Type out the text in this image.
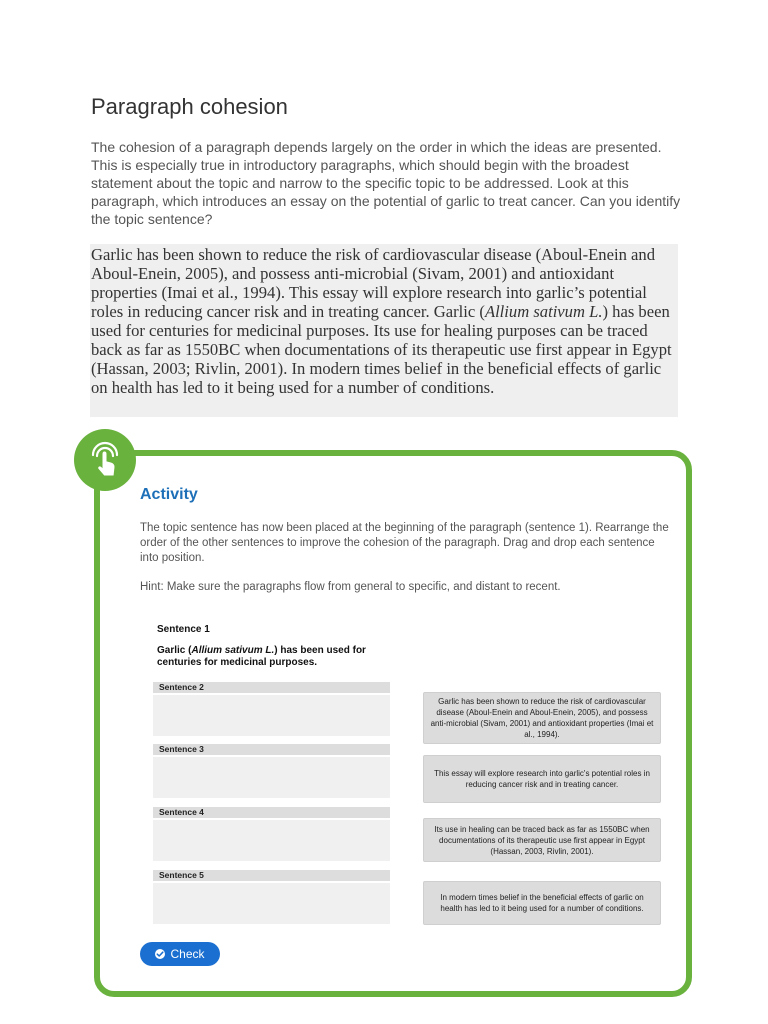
Paragraph cohesion

The cohesion of a paragraph depends largely on the order in which the ideas are presented. This is especially true in introductory paragraphs, which should begin with the broadest statement about the topic and narrow to the specific topic to be addressed. Look at this paragraph, which introduces an essay on the potential of garlic to treat cancer. Can you identify the topic sentence?

Garlic has been shown to reduce the risk of cardiovascular disease (Aboul-Enein and Aboul-Enein, 2005), and possess anti-microbial (Sivam, 2001) and antioxidant properties (Imai et al., 1994). This essay will explore research into garlic’s potential roles in reducing cancer risk and in treating cancer. Garlic (Allium sativum L.) has been used for centuries for medicinal purposes. Its use for healing purposes can be traced back as far as 1550BC when documentations of its therapeutic use first appear in Egypt (Hassan, 2003; Rivlin, 2001). In modern times belief in the beneficial effects of garlic on health has led to it being used for a number of conditions.

Activity

The topic sentence has now been placed at the beginning of the paragraph (sentence 1). Rearrange the order of the other sentences to improve the cohesion of the paragraph. Drag and drop each sentence into position.

Hint: Make sure the paragraphs flow from general to specific, and distant to recent.

Sentence 1
Garlic (Allium sativum L.) has been used for centuries for medicinal purposes.
Sentence 2
Sentence 3
Sentence 4
Sentence 5
Garlic has been shown to reduce the risk of cardiovascular disease (Aboul-Enein and Aboul-Enein, 2005), and possess anti-microbial (Sivam, 2001) and antioxidant properties (Imai et al., 1994).
This essay will explore research into garlic's potential roles in reducing cancer risk and in treating cancer.
Its use in healing can be traced back as far as 1550BC when documentations of its therapeutic use first appear in Egypt (Hassan, 2003, Rivlin, 2001).
In modern times belief in the beneficial effects of garlic on health has led to it being used for a number of conditions.
Check
